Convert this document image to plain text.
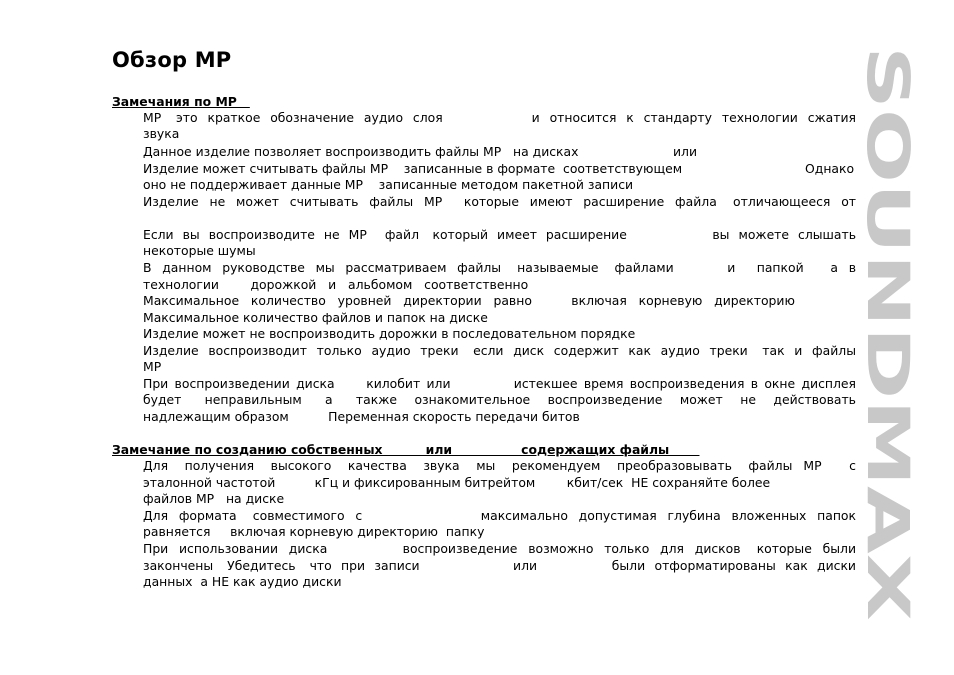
Обзор MP
Замечания по MP
MP   это  краткое  обозначение  аудио  слоя                  и  относится  к  стандарту  технологии  сжатия
звука
Данное изделие позволяет воспроизводить файлы MP   на дисках                        или
Изделие может считывать файлы MP    записанные в формате  соответствующем	Однако
оно не поддерживает данные MP    записанные методом пакетной записи
Изделие  не  может  считывать  файлы  MP    которые  имеют  расширение  файла   отличающееся  от
Если  вы  воспроизводите  не  MP    файл   который  имеет  расширение                   вы  можете  слышать
некоторые шумы
В  данном  руководстве  мы  рассматриваем  файлы   называемые   файлами          и    папкой     а  в
технологии        дорожкой   и   альбомом   соответственно
Максимальное   количество   уровней   директории   равно          включая   корневую   директорию
Максимальное количество файлов и папок на диске
Изделие может не воспроизводить дорожки в последовательном порядке
Изделие  воспроизводит  только  аудио  треки   если  диск  содержит  как  аудио  треки   так  и  файлы
MP
При воспроизведении диска     килобит или          истекшее время воспроизведения в окне дисплея
будет    неправильным    а    также   ознакомительное   воспроизведение   может   не   действовать
надлежащим образом          Переменная скорость передачи битов
Замечание по созданию собственных          или                содержащих файлы
Для   получения   высокого   качества   звука   мы   рекомендуем   преобразовывать   файлы  MP     с
эталонной частотой          кГц и фиксированным битрейтом        кбит/сек  НЕ сохраняйте более
файлов MP   на диске
Для  формата   совместимого  с                      максимально  допустимая  глубина  вложенных  папок
равняется     включая корневую директорию  папку
При  использовании  диска              воспроизведение  возможно  только  для  дисков   которые  были
закончены   Убедитесь   что  при  записи                    или                были  отформатированы  как  диски
данных  а НЕ как аудио диски
SOUNDMAX
